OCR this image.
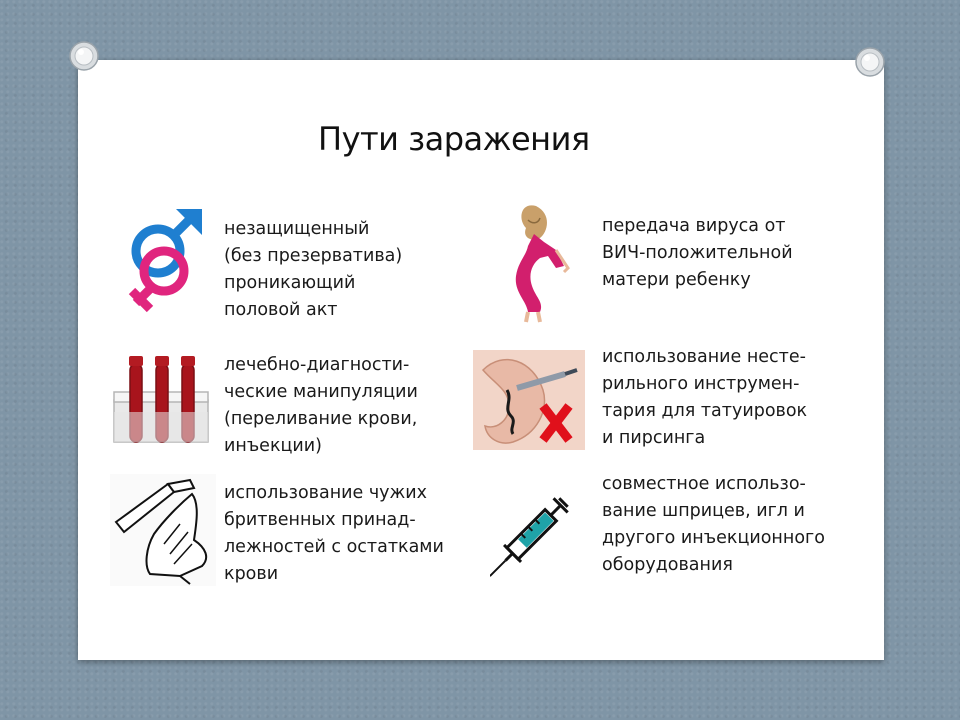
Пути заражения
незащищенный
(без презерватива)
проникающий
половой акт
передача вируса от
ВИЧ-положительной
матери ребенку
лечебно-диагности-
ческие манипуляции
(переливание крови,
инъекции)
использование несте-
рильного инструмен-
тария для татуировок
и пирсинга
использование чужих
бритвенных принад-
лежностей с остатками
крови
совместное использо-
вание шприцев, игл и
другого инъекционного
оборудования
